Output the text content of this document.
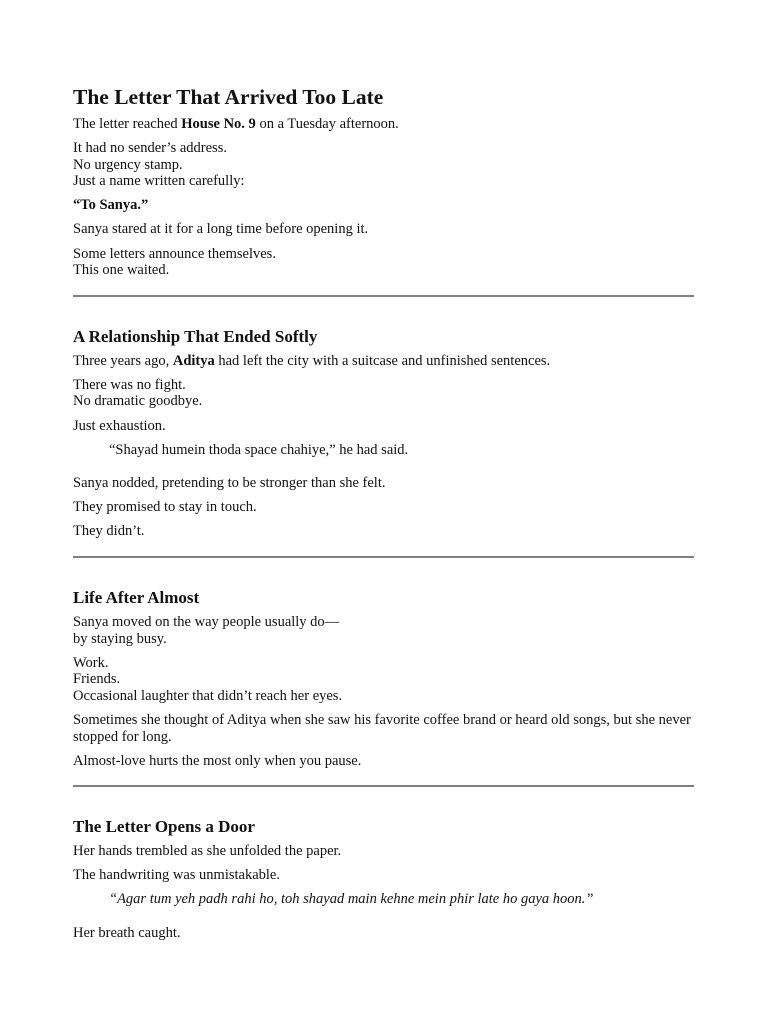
The Letter That Arrived Too Late

The letter reached House No. 9 on a Tuesday afternoon.

It had no sender’s address.
No urgency stamp.
Just a name written carefully:

“To Sanya.”

Sanya stared at it for a long time before opening it.

Some letters announce themselves.
This one waited.

A Relationship That Ended Softly

Three years ago, Aditya had left the city with a suitcase and unfinished sentences.

There was no fight.
No dramatic goodbye.

Just exhaustion.

“Shayad humein thoda space chahiye,” he had said.

Sanya nodded, pretending to be stronger than she felt.

They promised to stay in touch.

They didn’t.

Life After Almost

Sanya moved on the way people usually do—
by staying busy.

Work.
Friends.
Occasional laughter that didn’t reach her eyes.

Sometimes she thought of Aditya when she saw his favorite coffee brand or heard old songs, but she never stopped for long.

Almost-love hurts the most only when you pause.

The Letter Opens a Door

Her hands trembled as she unfolded the paper.

The handwriting was unmistakable.

“Agar tum yeh padh rahi ho, toh shayad main kehne mein phir late ho gaya hoon.”

Her breath caught.
